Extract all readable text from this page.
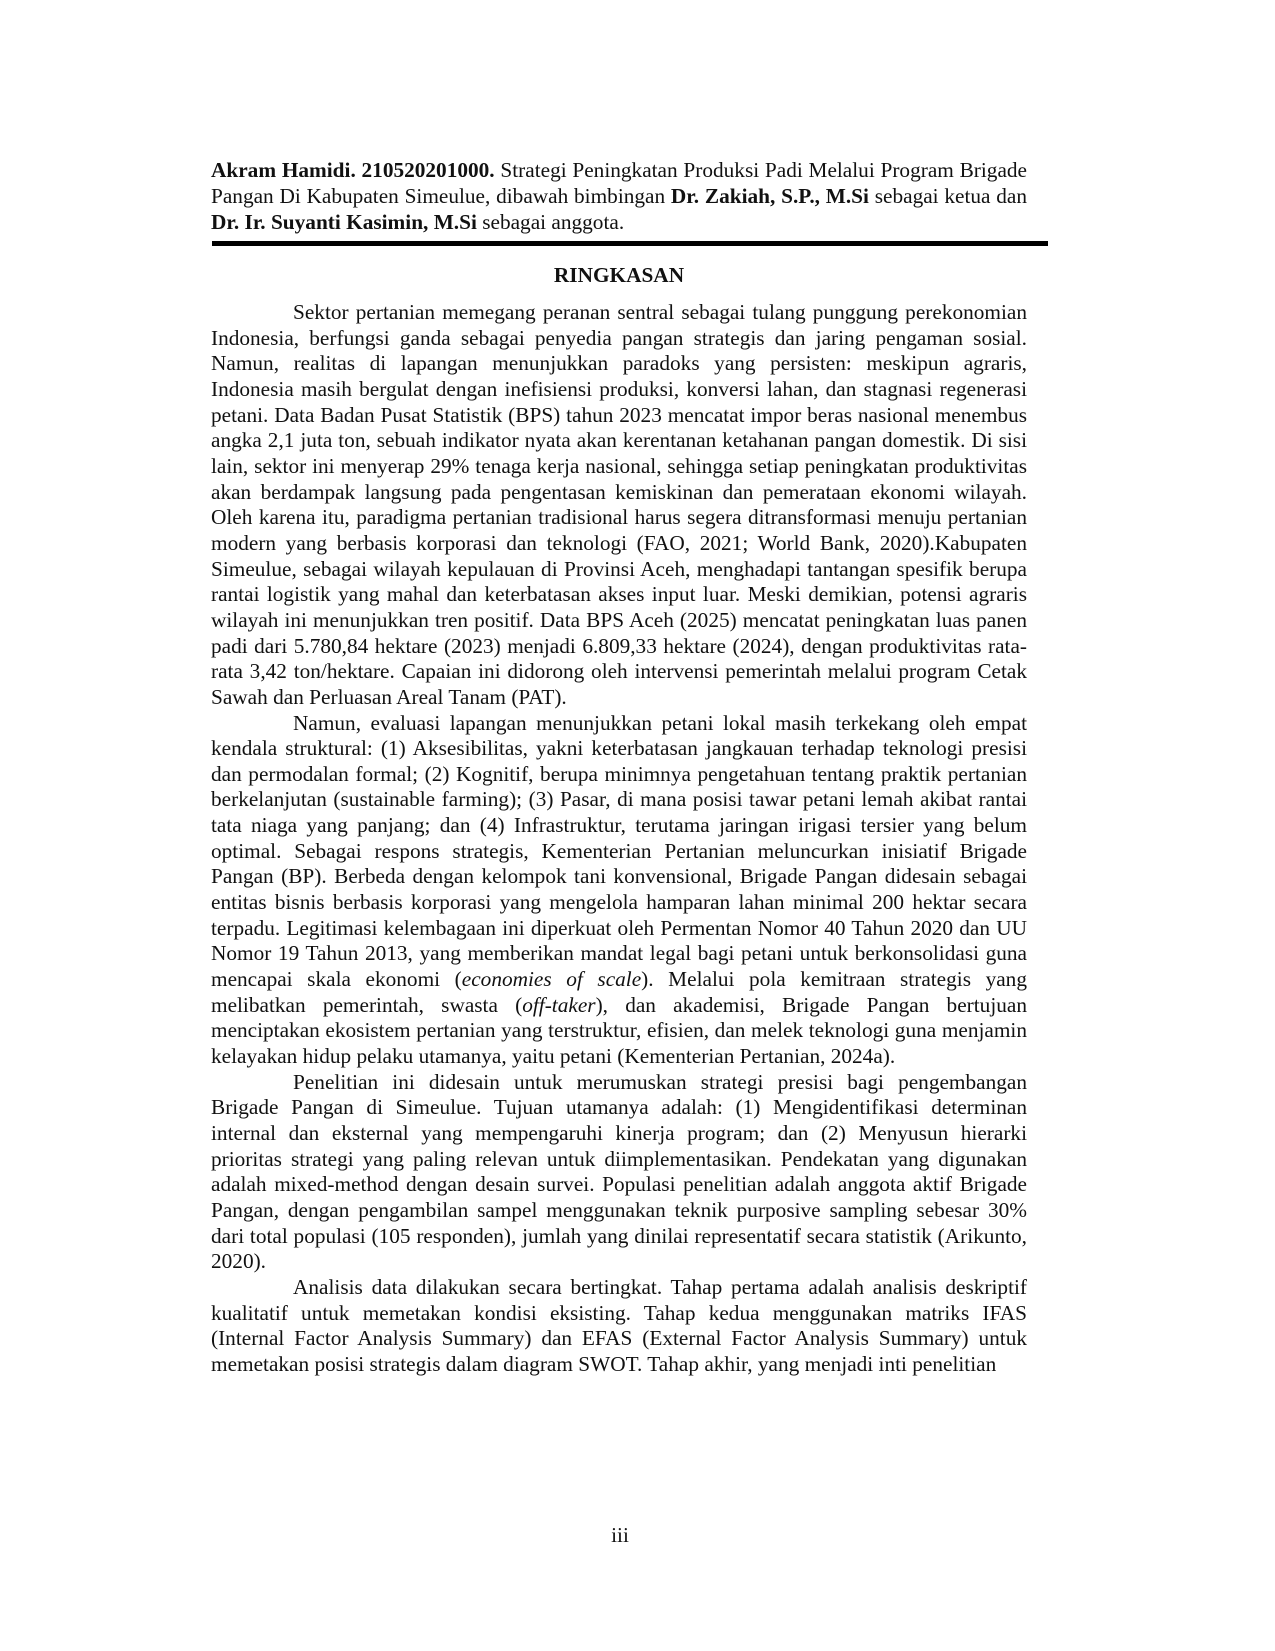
Akram Hamidi. 210520201000. Strategi Peningkatan Produksi Padi Melalui Program Brigade Pangan Di Kabupaten Simeulue, dibawah bimbingan Dr. Zakiah, S.P., M.Si sebagai ketua dan Dr. Ir. Suyanti Kasimin, M.Si sebagai anggota.
RINGKASAN

Sektor pertanian memegang peranan sentral sebagai tulang punggung perekonomian Indonesia, berfungsi ganda sebagai penyedia pangan strategis dan jaring pengaman sosial. Namun, realitas di lapangan menunjukkan paradoks yang persisten: meskipun agraris, Indonesia masih bergulat dengan inefisiensi produksi, konversi lahan, dan stagnasi regenerasi petani. Data Badan Pusat Statistik (BPS) tahun 2023 mencatat impor beras nasional menembus angka 2,1 juta ton, sebuah indikator nyata akan kerentanan ketahanan pangan domestik. Di sisi lain, sektor ini menyerap 29% tenaga kerja nasional, sehingga setiap peningkatan produktivitas akan berdampak langsung pada pengentasan kemiskinan dan pemerataan ekonomi wilayah. Oleh karena itu, paradigma pertanian tradisional harus segera ditransformasi menuju pertanian modern yang berbasis korporasi dan teknologi (FAO, 2021; World Bank, 2020).Kabupaten Simeulue, sebagai wilayah kepulauan di Provinsi Aceh, menghadapi tantangan spesifik berupa rantai logistik yang mahal dan keterbatasan akses input luar. Meski demikian, potensi agraris wilayah ini menunjukkan tren positif. Data BPS Aceh (2025) mencatat peningkatan luas panen padi dari 5.780,84 hektare (2023) menjadi 6.809,33 hektare (2024), dengan produktivitas rata-rata 3,42 ton/hektare. Capaian ini didorong oleh intervensi pemerintah melalui program Cetak Sawah dan Perluasan Areal Tanam (PAT).

Namun, evaluasi lapangan menunjukkan petani lokal masih terkekang oleh empat kendala struktural: (1) Aksesibilitas, yakni keterbatasan jangkauan terhadap teknologi presisi dan permodalan formal; (2) Kognitif, berupa minimnya pengetahuan tentang praktik pertanian berkelanjutan (sustainable farming); (3) Pasar, di mana posisi tawar petani lemah akibat rantai tata niaga yang panjang; dan (4) Infrastruktur, terutama jaringan irigasi tersier yang belum optimal. Sebagai respons strategis, Kementerian Pertanian meluncurkan inisiatif Brigade Pangan (BP). Berbeda dengan kelompok tani konvensional, Brigade Pangan didesain sebagai entitas bisnis berbasis korporasi yang mengelola hamparan lahan minimal 200 hektar secara terpadu. Legitimasi kelembagaan ini diperkuat oleh Permentan Nomor 40 Tahun 2020 dan UU Nomor 19 Tahun 2013, yang memberikan mandat legal bagi petani untuk berkonsolidasi guna mencapai skala ekonomi (economies of scale). Melalui pola kemitraan strategis yang melibatkan pemerintah, swasta (off-taker), dan akademisi, Brigade Pangan bertujuan menciptakan ekosistem pertanian yang terstruktur, efisien, dan melek teknologi guna menjamin kelayakan hidup pelaku utamanya, yaitu petani (Kementerian Pertanian, 2024a).

Penelitian ini didesain untuk merumuskan strategi presisi bagi pengembangan Brigade Pangan di Simeulue. Tujuan utamanya adalah: (1) Mengidentifikasi determinan internal dan eksternal yang mempengaruhi kinerja program; dan (2) Menyusun hierarki prioritas strategi yang paling relevan untuk diimplementasikan. Pendekatan yang digunakan adalah mixed-method dengan desain survei. Populasi penelitian adalah anggota aktif Brigade Pangan, dengan pengambilan sampel menggunakan teknik purposive sampling sebesar 30% dari total populasi (105 responden), jumlah yang dinilai representatif secara statistik (Arikunto, 2020).

Analisis data dilakukan secara bertingkat. Tahap pertama adalah analisis deskriptif kualitatif untuk memetakan kondisi eksisting. Tahap kedua menggunakan matriks IFAS (Internal Factor Analysis Summary) dan EFAS (External Factor Analysis Summary) untuk memetakan posisi strategis dalam diagram SWOT. Tahap akhir, yang menjadi inti penelitian

iii
